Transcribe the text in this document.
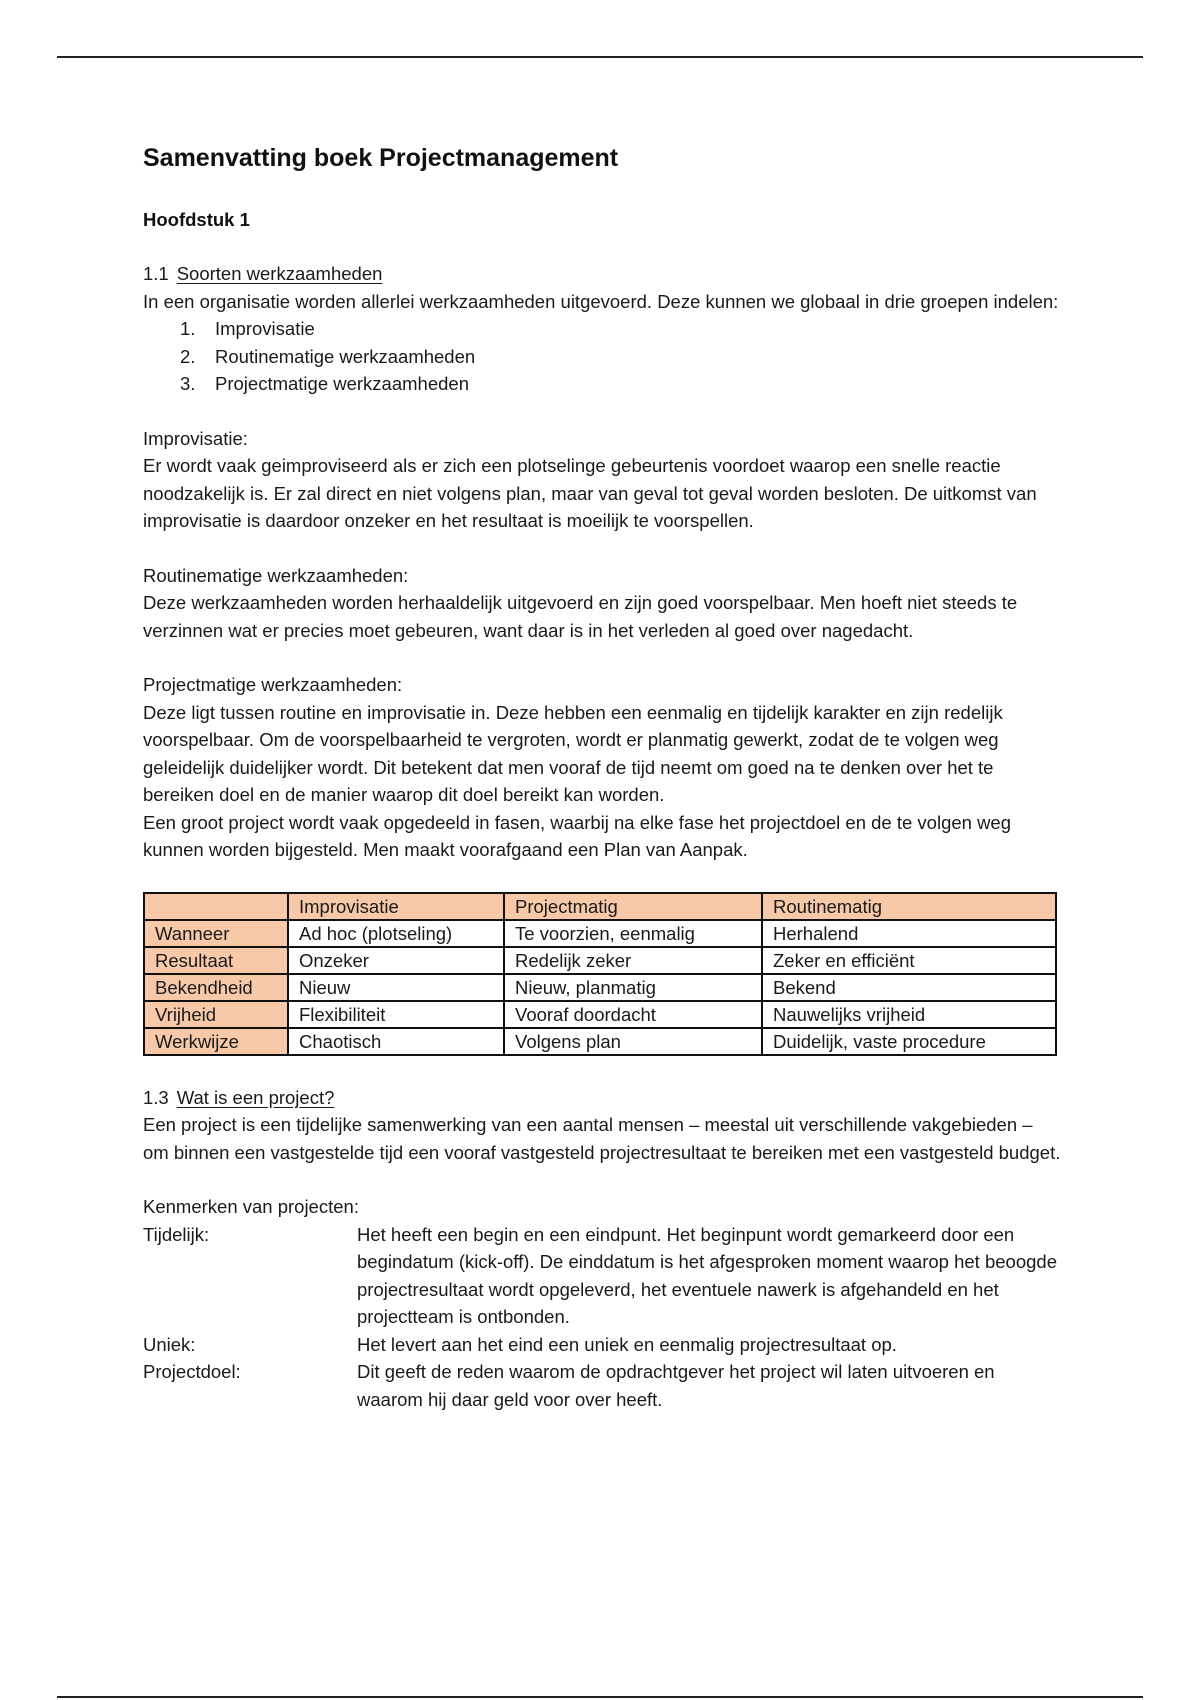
Samenvatting boek Projectmanagement
Hoofdstuk 1

1.1 Soorten werkzaamheden

In een organisatie worden allerlei werkzaamheden uitgevoerd. Deze kunnen we globaal in drie groepen indelen:

1. Improvisatie
2. Routinematige werkzaamheden
3. Projectmatige werkzaamheden

Improvisatie:

Er wordt vaak geimproviseerd als er zich een plotselinge gebeurtenis voordoet waarop een snelle reactie noodzakelijk is. Er zal direct en niet volgens plan, maar van geval tot geval worden besloten. De uitkomst van improvisatie is daardoor onzeker en het resultaat is moeilijk te voorspellen.

Routinematige werkzaamheden:

Deze werkzaamheden worden herhaaldelijk uitgevoerd en zijn goed voorspelbaar. Men hoeft niet steeds te verzinnen wat er precies moet gebeuren, want daar is in het verleden al goed over nagedacht.

Projectmatige werkzaamheden:

Deze ligt tussen routine en improvisatie in. Deze hebben een eenmalig en tijdelijk karakter en zijn redelijk voorspelbaar. Om de voorspelbaarheid te vergroten, wordt er planmatig gewerkt, zodat de te volgen weg geleidelijk duidelijker wordt. Dit betekent dat men vooraf de tijd neemt om goed na te denken over het te bereiken doel en de manier waarop dit doel bereikt kan worden.

Een groot project wordt vaak opgedeeld in fasen, waarbij na elke fase het projectdoel en de te volgen weg kunnen worden bijgesteld. Men maakt voorafgaand een Plan van Aanpak.

	Improvisatie	Projectmatig	Routinematig
Wanneer	Ad hoc (plotseling)	Te voorzien, eenmalig	Herhalend
Resultaat	Onzeker	Redelijk zeker	Zeker en efficiënt
Bekendheid	Nieuw	Nieuw, planmatig	Bekend
Vrijheid	Flexibiliteit	Vooraf doordacht	Nauwelijks vrijheid
Werkwijze	Chaotisch	Volgens plan	Duidelijk, vaste procedure

1.3 Wat is een project?

Een project is een tijdelijke samenwerking van een aantal mensen – meestal uit verschillende vakgebieden – om binnen een vastgestelde tijd een vooraf vastgesteld projectresultaat te bereiken met een vastgesteld budget.

Kenmerken van projecten:

Tijdelijk:	Het heeft een begin en een eindpunt. Het beginpunt wordt gemarkeerd door een begindatum (kick-off). De einddatum is het afgesproken moment waarop het beoogde projectresultaat wordt opgeleverd, het eventuele nawerk is afgehandeld en het projectteam is ontbonden.
Uniek:	Het levert aan het eind een uniek en eenmalig projectresultaat op.
Projectdoel:	Dit geeft de reden waarom de opdrachtgever het project wil laten uitvoeren en waarom hij daar geld voor over heeft.
